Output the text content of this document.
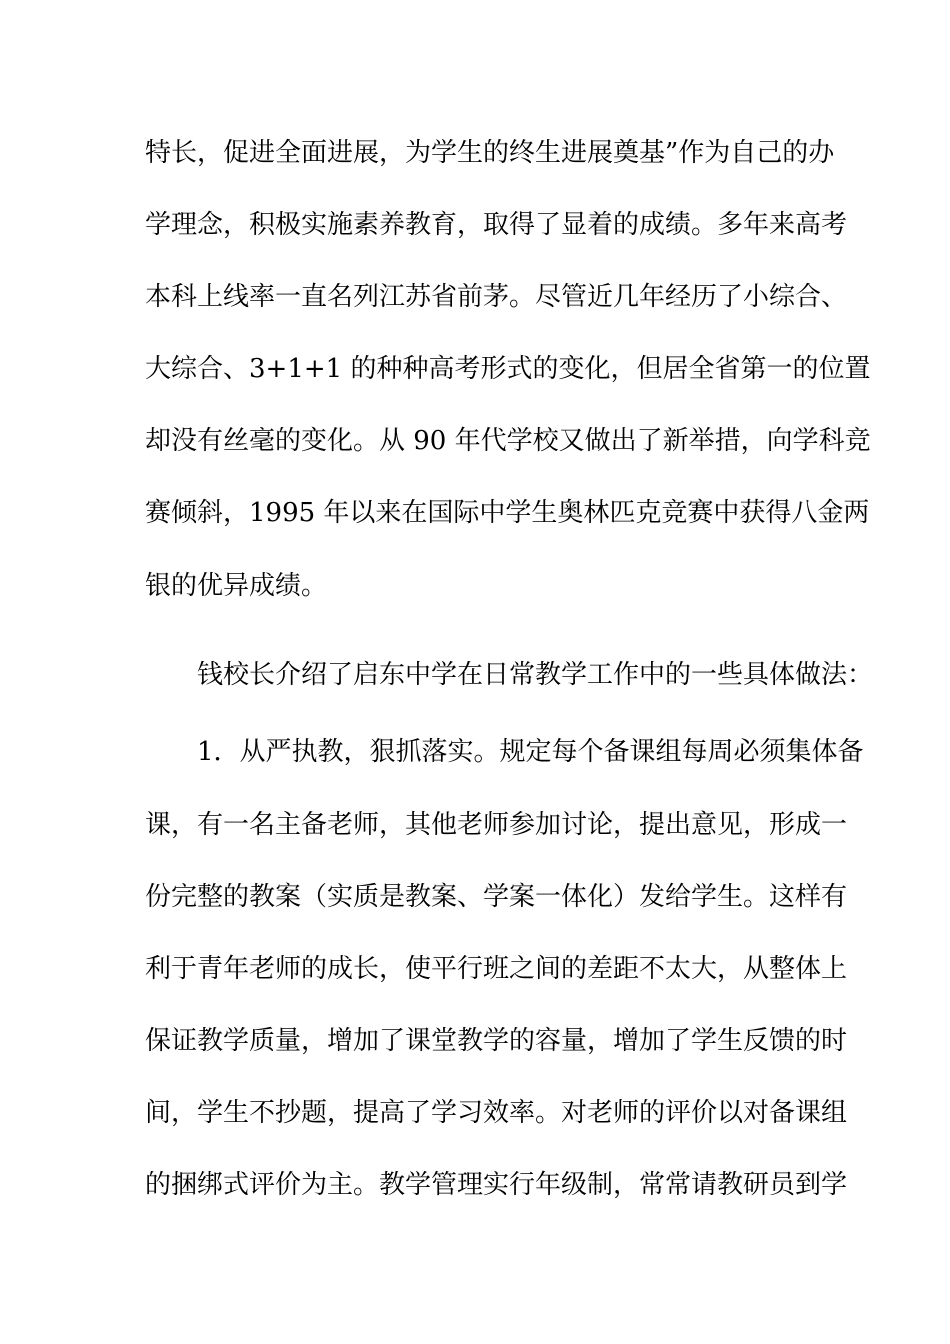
特长，促进全面进展，为学生的终生进展奠基”作为自己的办
学理念，积极实施素养教育，取得了显着的成绩。多年来高考
本科上线率一直名列江苏省前茅。尽管近几年经历了小综合、
大综合、3+1+1 的种种高考形式的变化，但居全省第一的位置
却没有丝毫的变化。从 90 年代学校又做出了新举措，向学科竞
赛倾斜，1995 年以来在国际中学生奥林匹克竞赛中获得八金两
银的优异成绩。
钱校长介绍了启东中学在日常教学工作中的一些具体做法：
1．从严执教，狠抓落实。规定每个备课组每周必须集体备
课，有一名主备老师，其他老师参加讨论，提出意见，形成一
份完整的教案（实质是教案、学案一体化）发给学生。这样有
利于青年老师的成长，使平行班之间的差距不太大，从整体上
保证教学质量，增加了课堂教学的容量，增加了学生反馈的时
间，学生不抄题，提高了学习效率。对老师的评价以对备课组
的捆绑式评价为主。教学管理实行年级制，常常请教研员到学
